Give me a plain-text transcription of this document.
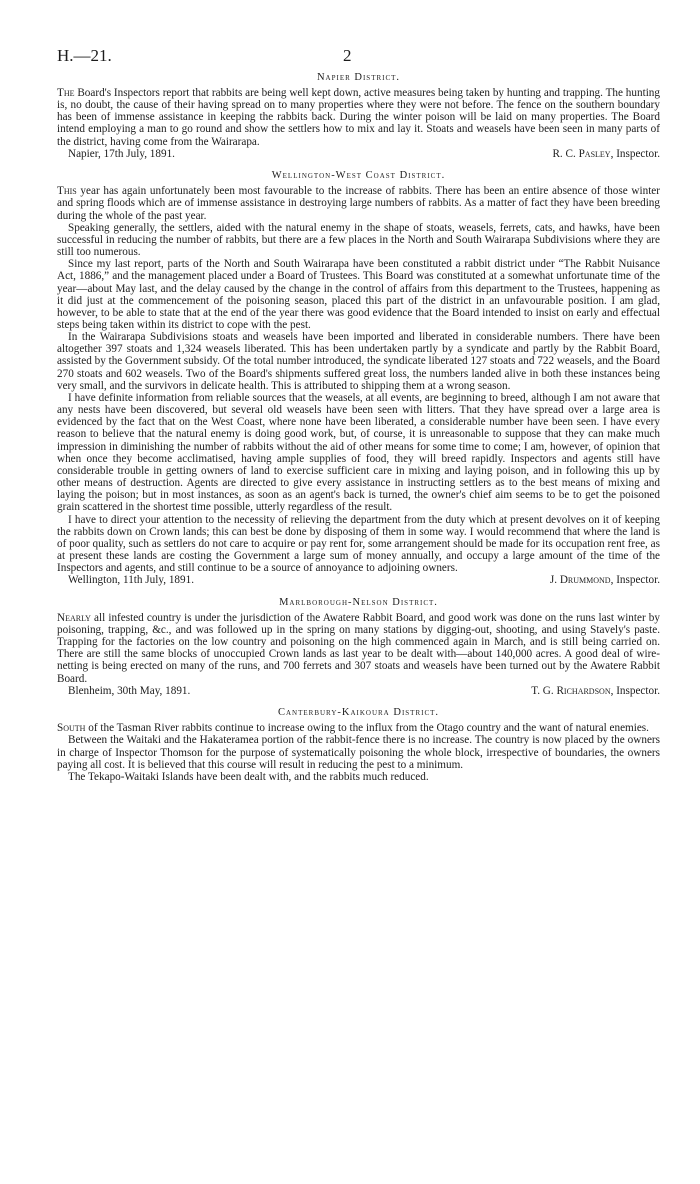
H.—21.	2
Napier District.

The Board's Inspectors report that rabbits are being well kept down, active measures being taken by hunting and trapping. The hunting is, no doubt, the cause of their having spread on to many properties where they were not before. The fence on the southern boundary has been of immense assistance in keeping the rabbits back. During the winter poison will be laid on many properties. The Board intend employing a man to go round and show the settlers how to mix and lay it. Stoats and weasels have been seen in many parts of the district, having come from the Wairarapa.

Napier, 17th July, 1891.	R. C. Pasley, Inspector.
Wellington-West Coast District.

This year has again unfortunately been most favourable to the increase of rabbits. There has been an entire absence of those winter and spring floods which are of immense assistance in destroying large numbers of rabbits. As a matter of fact they have been breeding during the whole of the past year.

Speaking generally, the settlers, aided with the natural enemy in the shape of stoats, weasels, ferrets, cats, and hawks, have been successful in reducing the number of rabbits, but there are a few places in the North and South Wairarapa Subdivisions where they are still too numerous.

Since my last report, parts of the North and South Wairarapa have been constituted a rabbit district under “The Rabbit Nuisance Act, 1886,” and the management placed under a Board of Trustees. This Board was constituted at a somewhat unfortunate time of the year—about May last, and the delay caused by the change in the control of affairs from this department to the Trustees, happening as it did just at the commencement of the poisoning season, placed this part of the district in an unfavourable position. I am glad, however, to be able to state that at the end of the year there was good evidence that the Board intended to insist on early and effectual steps being taken within its district to cope with the pest.

In the Wairarapa Subdivisions stoats and weasels have been imported and liberated in considerable numbers. There have been altogether 397 stoats and 1,324 weasels liberated. This has been undertaken partly by a syndicate and partly by the Rabbit Board, assisted by the Government subsidy. Of the total number introduced, the syndicate liberated 127 stoats and 722 weasels, and the Board 270 stoats and 602 weasels. Two of the Board's shipments suffered great loss, the numbers landed alive in both these instances being very small, and the survivors in delicate health. This is attributed to shipping them at a wrong season.

I have definite information from reliable sources that the weasels, at all events, are beginning to breed, although I am not aware that any nests have been discovered, but several old weasels have been seen with litters. That they have spread over a large area is evidenced by the fact that on the West Coast, where none have been liberated, a considerable number have been seen. I have every reason to believe that the natural enemy is doing good work, but, of course, it is unreasonable to suppose that they can make much impression in diminishing the number of rabbits without the aid of other means for some time to come; I am, however, of opinion that when once they become acclimatised, having ample supplies of food, they will breed rapidly. Inspectors and agents still have considerable trouble in getting owners of land to exercise sufficient care in mixing and laying poison, and in following this up by other means of destruction. Agents are directed to give every assistance in instructing settlers as to the best means of mixing and laying the poison; but in most instances, as soon as an agent's back is turned, the owner's chief aim seems to be to get the poisoned grain scattered in the shortest time possible, utterly regardless of the result.

I have to direct your attention to the necessity of relieving the department from the duty which at present devolves on it of keeping the rabbits down on Crown lands; this can best be done by disposing of them in some way. I would recommend that where the land is of poor quality, such as settlers do not care to acquire or pay rent for, some arrangement should be made for its occupation rent free, as at present these lands are costing the Government a large sum of money annually, and occupy a large amount of the time of the Inspectors and agents, and still continue to be a source of annoyance to adjoining owners.

Wellington, 11th July, 1891.	J. Drummond, Inspector.
Marlborough-Nelson District.

Nearly all infested country is under the jurisdiction of the Awatere Rabbit Board, and good work was done on the runs last winter by poisoning, trapping, &c., and was followed up in the spring on many stations by digging-out, shooting, and using Stavely's paste. Trapping for the factories on the low country and poisoning on the high commenced again in March, and is still being carried on. There are still the same blocks of unoccupied Crown lands as last year to be dealt with—about 140,000 acres. A good deal of wire-netting is being erected on many of the runs, and 700 ferrets and 307 stoats and weasels have been turned out by the Awatere Rabbit Board.

Blenheim, 30th May, 1891.	T. G. Richardson, Inspector.
Canterbury-Kaikoura District.

South of the Tasman River rabbits continue to increase owing to the influx from the Otago country and the want of natural enemies.

Between the Waitaki and the Hakateramea portion of the rabbit-fence there is no increase. The country is now placed by the owners in charge of Inspector Thomson for the purpose of systematically poisoning the whole block, irrespective of boundaries, the owners paying all cost. It is believed that this course will result in reducing the pest to a minimum.

The Tekapo-Waitaki Islands have been dealt with, and the rabbits much reduced.
